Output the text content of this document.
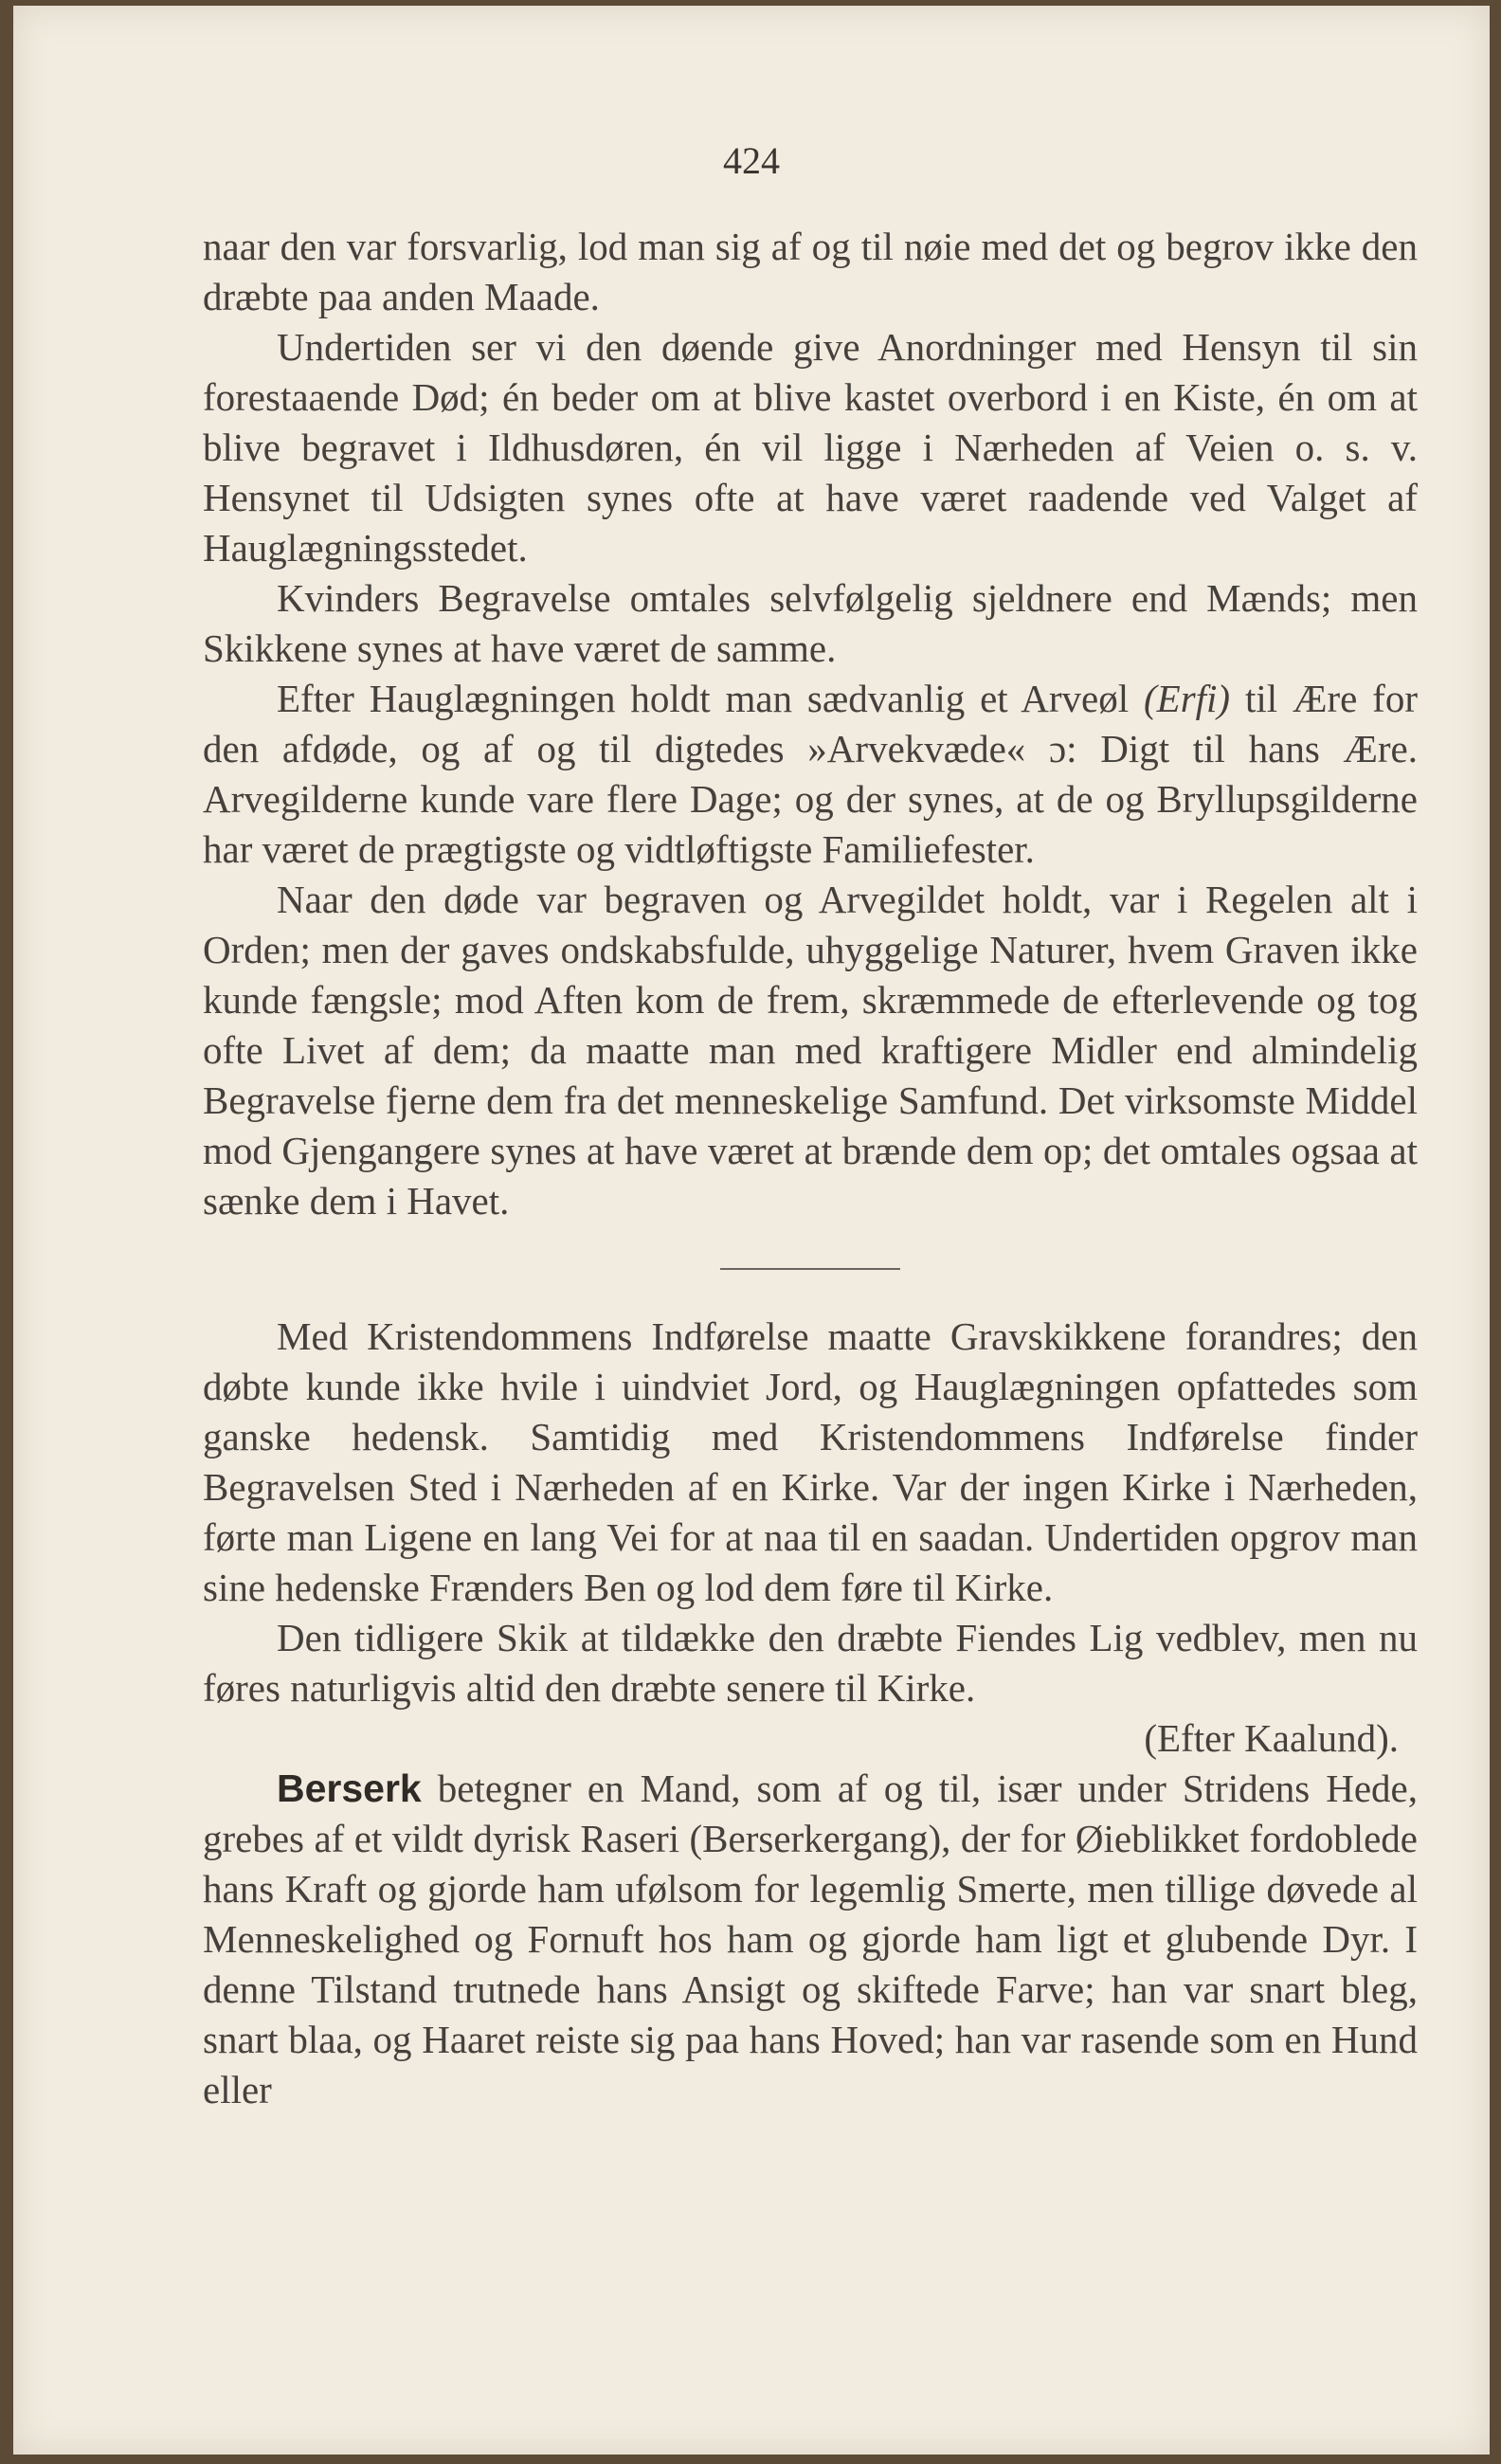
424

naar den var forsvarlig, lod man sig af og til nøie med det og begrov ikke den dræbte paa anden Maade.

Undertiden ser vi den døende give Anordninger med Hensyn til sin forestaaende Død; én beder om at blive kastet overbord i en Kiste, én om at blive begravet i Ildhusdøren, én vil ligge i Nærheden af Veien o. s. v. Hensynet til Udsigten synes ofte at have været raadende ved Valget af Hauglægningsstedet.

Kvinders Begravelse omtales selvfølgelig sjeldnere end Mænds; men Skikkene synes at have været de samme.

Efter Hauglægningen holdt man sædvanlig et Arveøl (Erfi) til Ære for den afdøde, og af og til digtedes »Arvekvæde« ɔ: Digt til hans Ære. Arvegilderne kunde vare flere Dage; og der synes, at de og Bryllupsgilderne har været de prægtigste og vidtløftigste Familiefester.

Naar den døde var begraven og Arvegildet holdt, var i Regelen alt i Orden; men der gaves ondskabsfulde, uhyggelige Naturer, hvem Graven ikke kunde fængsle; mod Aften kom de frem, skræmmede de efterlevende og tog ofte Livet af dem; da maatte man med kraftigere Midler end almindelig Begravelse fjerne dem fra det menneskelige Samfund. Det virksomste Middel mod Gjengangere synes at have været at brænde dem op; det omtales ogsaa at sænke dem i Havet.

Med Kristendommens Indførelse maatte Gravskikkene forandres; den døbte kunde ikke hvile i uindviet Jord, og Hauglægningen opfattedes som ganske hedensk. Samtidig med Kristendommens Indførelse finder Begravelsen Sted i Nærheden af en Kirke. Var der ingen Kirke i Nærheden, førte man Ligene en lang Vei for at naa til en saadan. Undertiden opgrov man sine hedenske Frænders Ben og lod dem føre til Kirke.

Den tidligere Skik at tildække den dræbte Fiendes Lig vedblev, men nu føres naturligvis altid den dræbte senere til Kirke.

(Efter Kaalund).

Berserk betegner en Mand, som af og til, især under Stridens Hede, grebes af et vildt dyrisk Raseri (Berserkergang), der for Øieblikket fordoblede hans Kraft og gjorde ham ufølsom for legemlig Smerte, men tillige døvede al Menneskelighed og Fornuft hos ham og gjorde ham ligt et glubende Dyr. I denne Tilstand trutnede hans Ansigt og skiftede Farve; han var snart bleg, snart blaa, og Haaret reiste sig paa hans Hoved; han var rasende som en Hund eller
